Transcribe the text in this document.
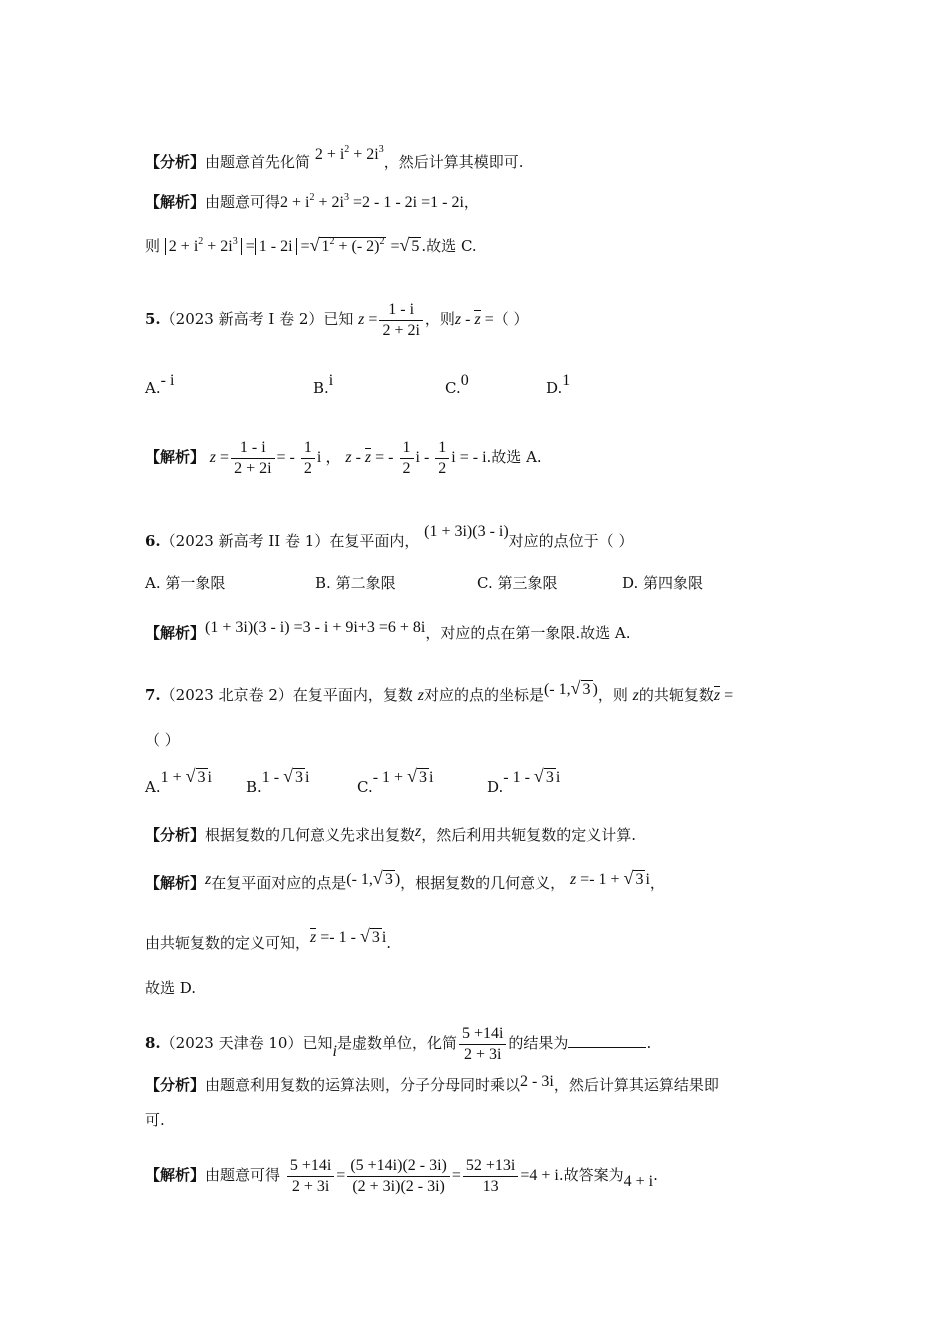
【分析】由题意首先化简 $2 + i^2 + 2i^3$，然后计算其模即可.
【解析】由题意可得$2 + i^2 + 2i^3 =2 - 1 - 2i =1 - 2i$，
则 $2 + i^2 + 2i^3 = 1 - 2i$ =√ $1^2$ + (- 2)$^2$ =√ 5 .故选 C.
5.（2023 新高考 I 卷 2）已知 $z = \frac{1 - i}{2 + 2i}$ ，则z - z =（ ）
A.- i	B.i	C.0	D.1
【解析】 $z = \frac{1 - i}{2 + 2i}$ = - $\frac{1}{2}$ i ， z - z = - $\frac{1}{2}$ i - $\frac{1}{2}$ i = - i.故选 A.
6.（2023 新高考 II 卷 1）在复平面内， (1 + 3i)(3 - i)对应的点位于（ ）
A. 第一象限	B. 第二象限	C. 第三象限	D. 第四象限
【解析】(1 + 3i)(3 - i) =3 - i + 9i+3 =6 + 8i，对应的点在第一象限.故选 A.
7.（2023 北京卷 2）在复平面内，复数 z对应的点的坐标是(- 1,√ 3 )，则 z的共轭复数z =
（ ）
A.1 + √ 3 i
B.1 - √ 3 i
C.- 1 + √ 3 i
D.- 1 - √ 3 i
【分析】根据复数的几何意义先求出复数z，然后利用共轭复数的定义计算.
【解析】z在复平面对应的点是(- 1,√ 3 )，根据复数的几何意义， z =- 1 + √ 3 i，
由共轭复数的定义可知，z =- 1 - √ 3 i.
故选 D.
8.（2023 天津卷 10）已知i是虚数单位，化简 $\frac{5 +14i}{2 + 3i}$ 的结果为	.
【分析】由题意利用复数的运算法则，分子分母同时乘以2 - 3i，然后计算其运算结果即
可.
【解析】由题意可得 $\frac{5 +14i}{2 + 3i} = \frac{(5 +14i)(2 - 3i)}{(2 + 3i)(2 - 3i)} = \frac{52 +13i}{13} =4 + i$.故答案为4 + i.
